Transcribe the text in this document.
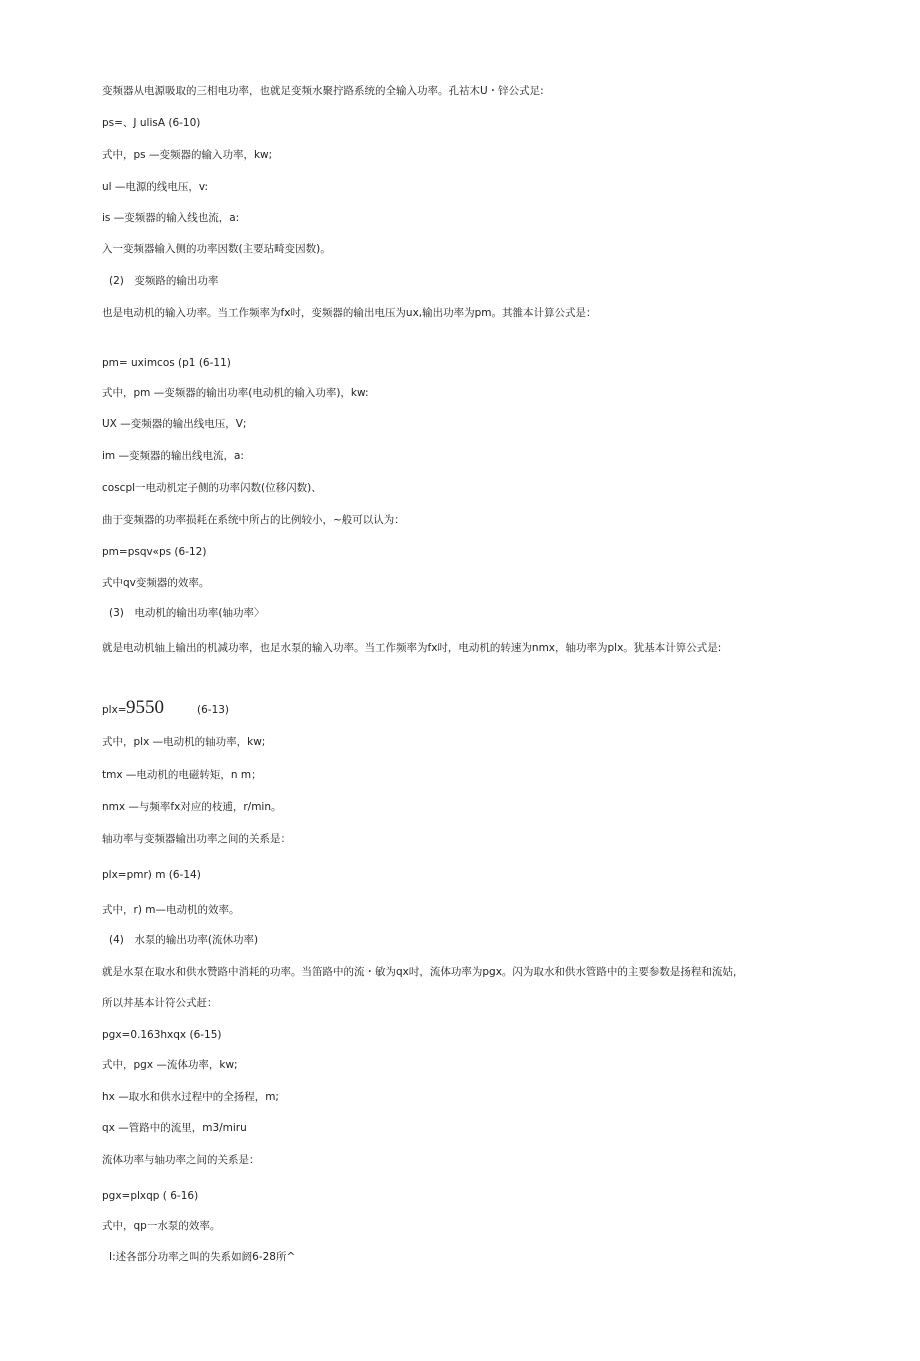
变频器从电源吸取的三相电功率，也就足变频水聚拧路系统的全输入功率。孔祜木U・锌公式足:
ps=、J ulisA (6-10)
式中，ps —变频器的输入功率，kw;
ul —电源的线电压，v:
is —变频器的输入线也流，a:
入一变频器输入侧的功率因数(主要玷畸变因数)。
(2)　变频路的输出功率
也是电动机的输入功率。当工作频率为fx吋，变频器的输出电压为ux,输出功率为pm。其雒本计算公式是：
pm= uximcos (p1 (6-11)
式中，pm —变频器的输出功率(电动机的输入功率)，kw:
UX —变频器的输出线电压，V;
im —变频器的输出线电流，a:
coscpl一电动机定子侧的功率闪数(位移闪数)、
曲于变频器的功率损耗在系统中所占的比例较小，~般可以认为：
pm=psqv«ps (6-12)
式中qv变频器的效率。
(3)　电动机的输出功率(轴功率〉
就是电动机轴上输出的机减功率，也足水泵的输入功率。当工作频率为fx吋，电动机的转速为nmx，轴功率为plx。犹基本计箅公式是:
plx= 9550	(6-13)
式中，plx —电动机的轴功率，kw;
tmx —电动机的电磁转矩，n m；
nmx —与频率fx对应的枝逋，r/min。
轴功率与变频器输出功率之间的关系是：
plx=pmr) m (6-14)
式中，r) m—电动机的效率。
(4)　水泵的输出功率(流休功率)
就是水泵在取水和供水赞路中消耗的功率。当笛路中的流・敏为qx吋，流体功率为pgx。闪为取水和供水管路中的主要参数是扬程和流姑，
所以丼基本计符公式赶：
pgx=0.163hxqx (6-15)
式中，pgx —流体功率，kw;
hx —取水和供水过程中的全扬程，m;
qx —管路中的流里，m3/miru
流体功率与轴功率之间的关系是：
pgx=plxqp ( 6-16)
式中，qp一水泵的效率。
I:述各部分功率之叫的失系如阏6-28所^
